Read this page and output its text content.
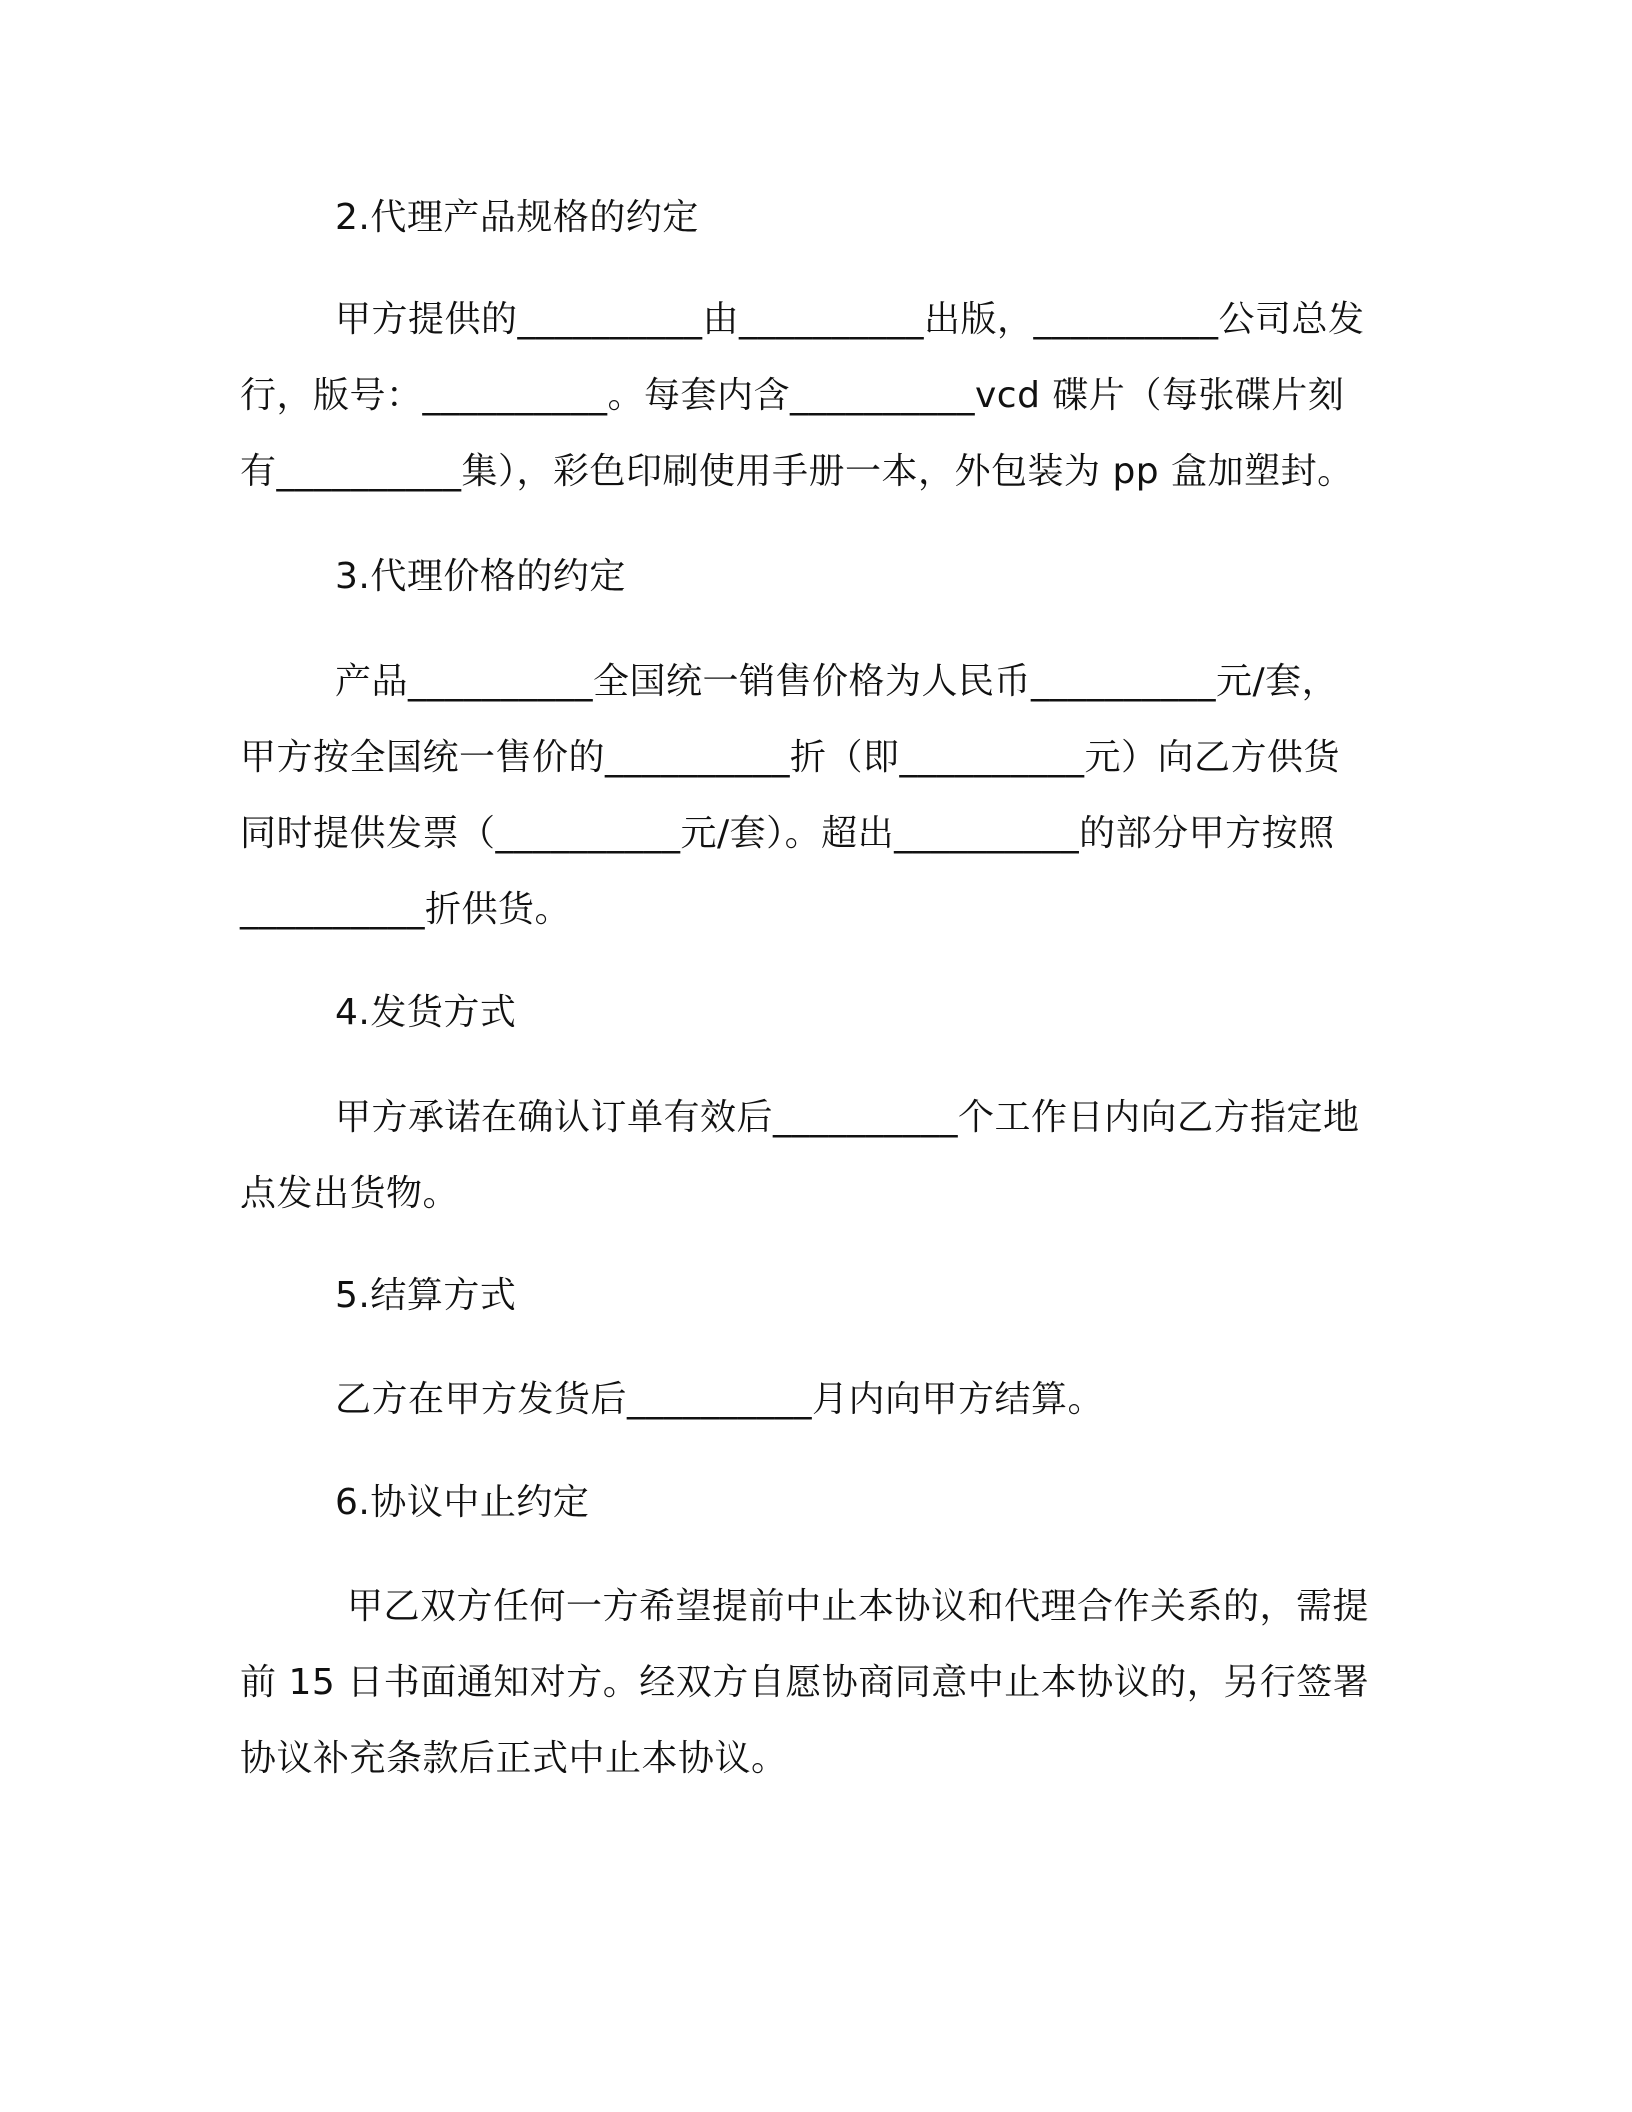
2.代理产品规格的约定
甲方提供的__________由__________出版，__________公司总发
行，版号：__________。每套内含__________vcd 碟片（每张碟片刻
有__________集），彩色印刷使用手册一本，外包装为 pp 盒加塑封。
3.代理价格的约定
产品__________全国统一销售价格为人民币__________元/套，
甲方按全国统一售价的__________折（即__________元）向乙方供货
同时提供发票（__________元/套）。超出__________的部分甲方按照
__________折供货。
4.发货方式
甲方承诺在确认订单有效后__________个工作日内向乙方指定地
点发出货物。
5.结算方式
乙方在甲方发货后__________月内向甲方结算。
6.协议中止约定
甲乙双方任何一方希望提前中止本协议和代理合作关系的，需提
前 15 日书面通知对方。经双方自愿协商同意中止本协议的，另行签署
协议补充条款后正式中止本协议。
